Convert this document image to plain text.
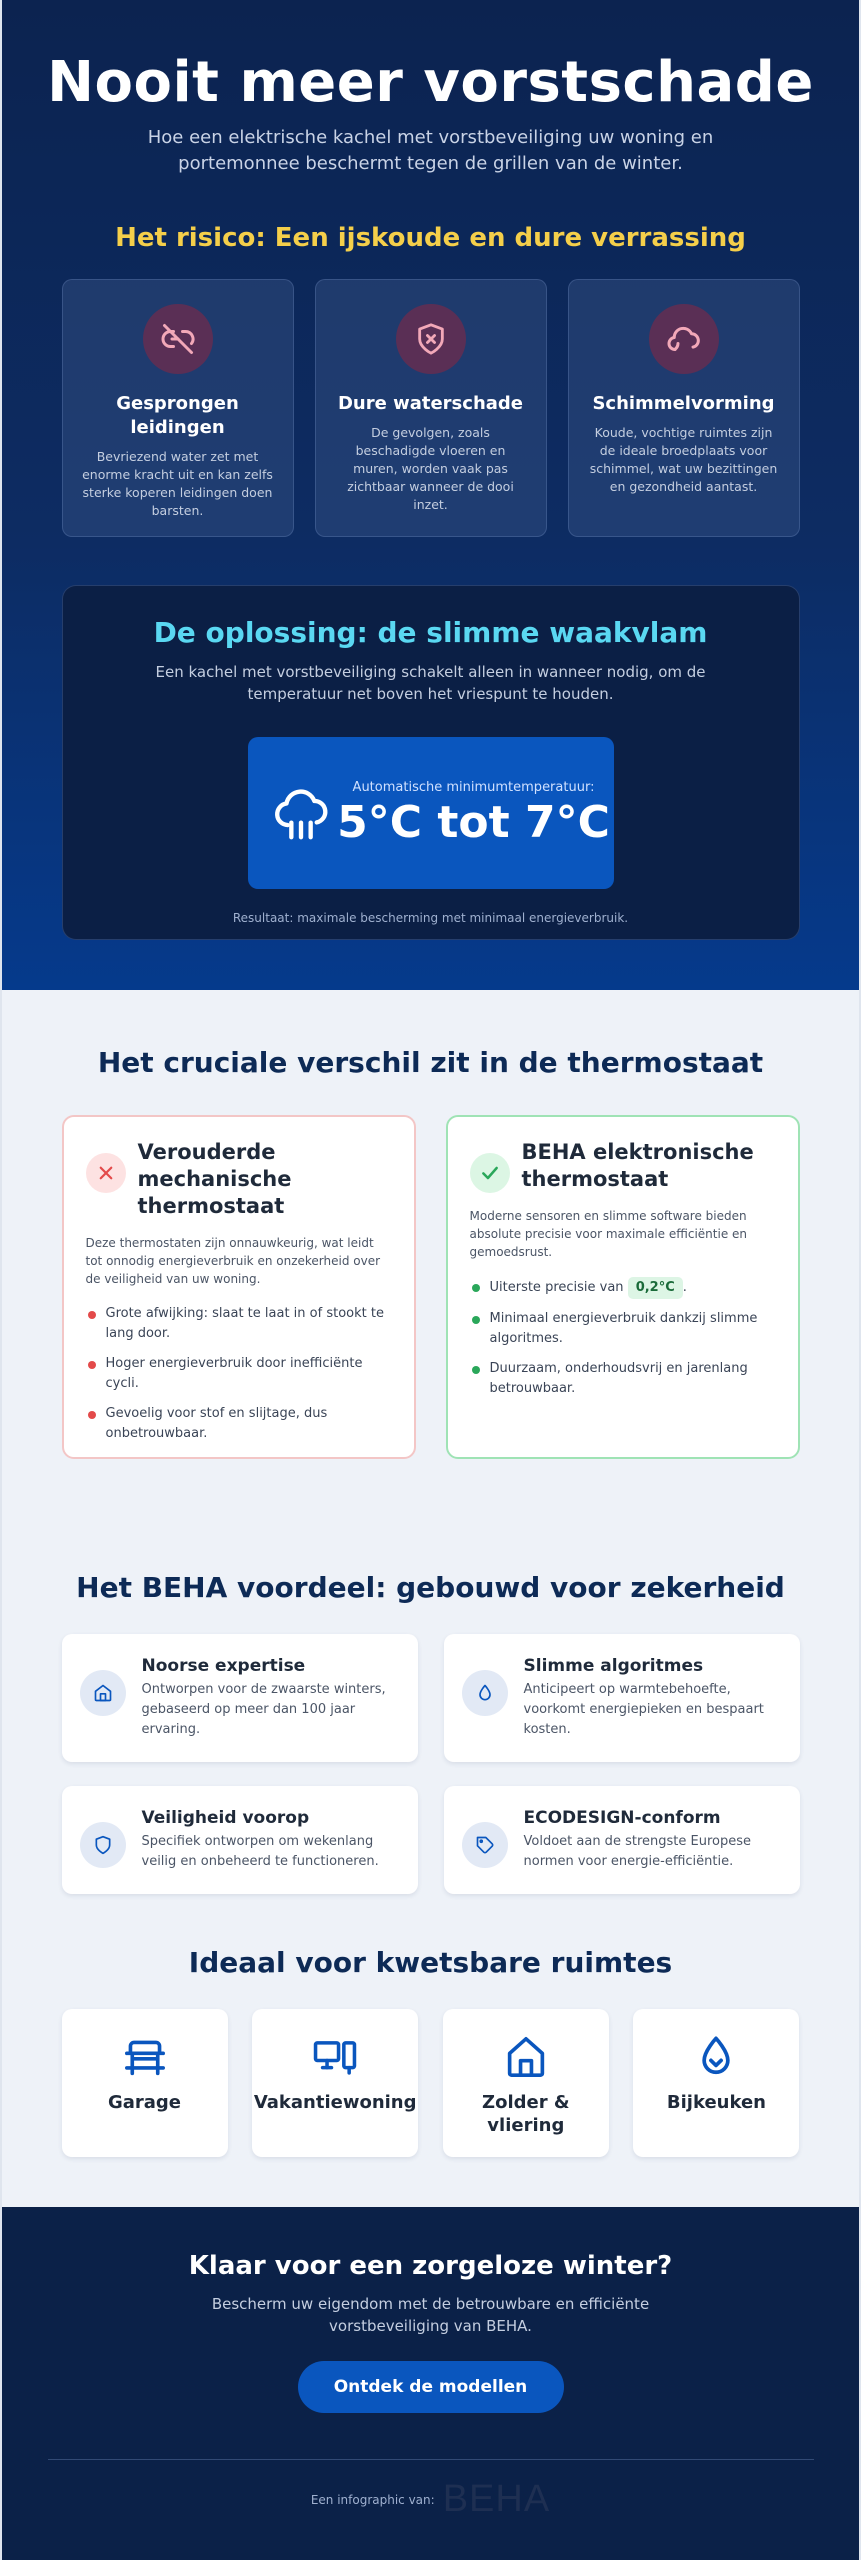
Nooit meer vorstschade

Hoe een elektrische kachel met vorstbeveiliging uw woning en portemonnee beschermt tegen de grillen van de winter.

Het risico: Een ijskoude en dure verrassing
Gesprongen leidingen
Bevriezend water zet met enorme kracht uit en kan zelfs sterke koperen leidingen doen barsten.
Dure waterschade
De gevolgen, zoals beschadigde vloeren en muren, worden vaak pas zichtbaar wanneer de dooi inzet.
Schimmelvorming
Koude, vochtige ruimtes zijn de ideale broedplaats voor schimmel, wat uw bezittingen en gezondheid aantast.
De oplossing: de slimme waakvlam

Een kachel met vorstbeveiliging schakelt alleen in wanneer nodig, om de temperatuur net boven het vriespunt te houden.

Automatische minimumtemperatuur:
5°C tot 7°C

Resultaat: maximale bescherming met minimaal energieverbruik.

Het cruciale verschil zit in de thermostaat
Verouderde mechanische thermostaat

Deze thermostaten zijn onnauwkeurig, wat leidt tot onnodig energieverbruik en onzekerheid over de veiligheid van uw woning.

Grote afwijking: slaat te laat in of stookt te lang door.
Hoger energieverbruik door inefficiënte cycli.
Gevoelig voor stof en slijtage, dus onbetrouwbaar.
BEHA elektronische thermostaat

Moderne sensoren en slimme software bieden absolute precisie voor maximale efficiëntie en gemoedsrust.

Uiterste precisie van 0,2°C .
Minimaal energieverbruik dankzij slimme algoritmes.
Duurzaam, onderhoudsvrij en jarenlang betrouwbaar.
Het BEHA voordeel: gebouwd voor zekerheid
Noorse expertise
Ontworpen voor de zwaarste winters, gebaseerd op meer dan 100 jaar ervaring.
Slimme algoritmes
Anticipeert op warmtebehoefte, voorkomt energiepieken en bespaart kosten.
Veiligheid voorop
Specifiek ontworpen om wekenlang veilig en onbeheerd te functioneren.
ECODESIGN-conform
Voldoet aan de strengste Europese normen voor energie-efficiëntie.
Ideaal voor kwetsbare ruimtes
Garage	Vakantiewoning	Zolder & vliering
Bijkeuken
Klaar voor een zorgeloze winter?

Bescherm uw eigendom met de betrouwbare en efficiënte vorstbeveiliging van BEHA.

Ontdek de modellen
Een infographic van: BEHA
